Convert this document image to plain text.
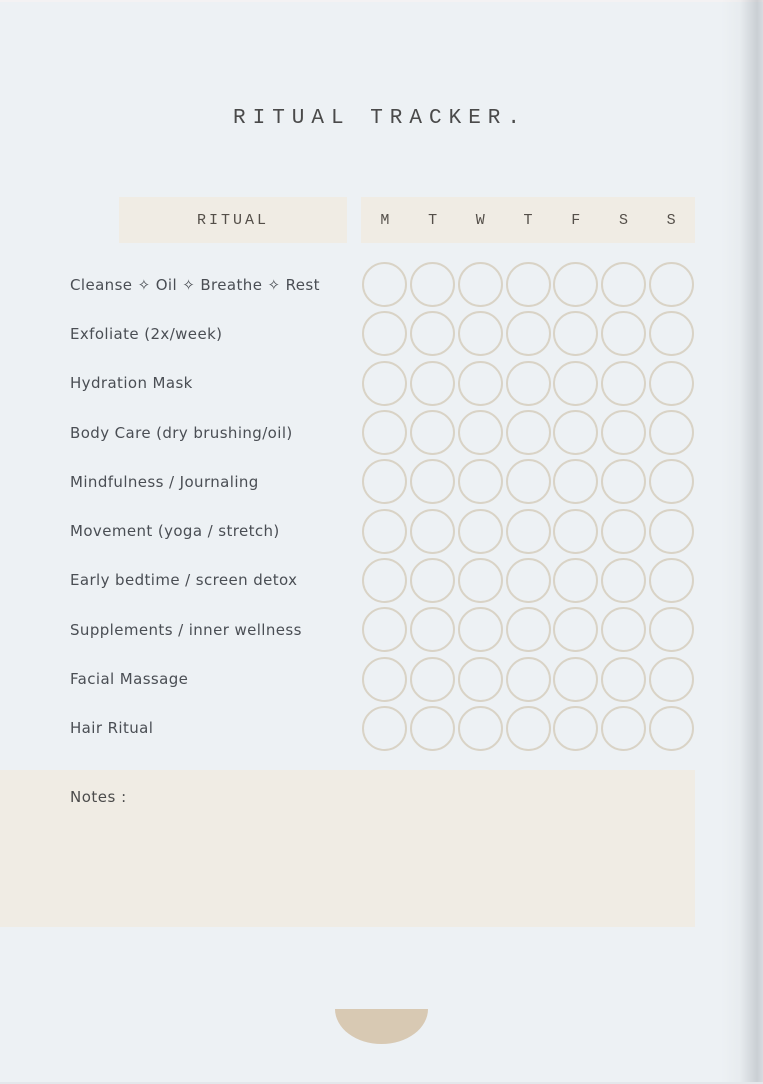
RITUAL TRACKER.
RITUAL	M	T	W	T	F	S	S
Cleanse ✧ Oil ✧ Breathe ✧ Rest
Exfoliate (2x/week)
Hydration Mask
Body Care (dry brushing/oil)
Mindfulness / Journaling
Movement (yoga / stretch)
Early bedtime / screen detox
Supplements / inner wellness
Facial Massage
Hair Ritual
Notes :
